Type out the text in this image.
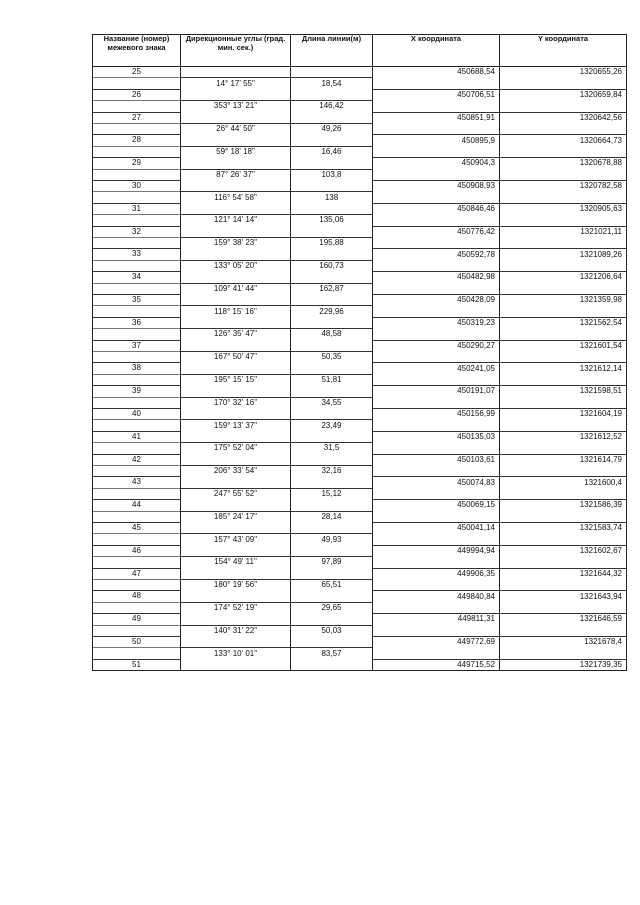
Название (номер) межевого знака	Дирекционные углы (град. мин. сек.)	Длина линии(м)	X координата	Y координата
25			450688,54	1320655,26
	14° 17' 55"	18,54		
26			450706,51	1320659,84
	353° 13' 21"	146,42		
27			450851,91	1320642,56
	26° 44' 50"	49,26		
28			450895,9	1320664,73
	59° 18' 18"	16,46		
29			450904,3	1320678,88
	87° 26' 37"	103,8		
30			450908,93	1320782,58
	116° 54' 58"	138		
31			450846,46	1320905,63
	121° 14' 14"	135,06		
32			450776,42	1321021,11
	159° 38' 23"	195,88		
33			450592,78	1321089,26
	133° 05' 20"	160,73		
34			450482,98	1321206,64
	109° 41' 44"	162,87		
35			450428,09	1321359,98
	118° 15' 16"	229,96		
36			450319,23	1321562,54
	126° 35' 47"	48,58		
37			450290,27	1321601,54
	167° 50' 47"	50,35		
38			450241,05	1321612,14
	195° 15' 15"	51,81		
39			450191,07	1321598,51
	170° 32' 16"	34,55		
40			450156,99	1321604,19
	159° 13' 37"	23,49		
41			450135,03	1321612,52
	175° 52' 04"	31,5		
42			450103,61	1321614,79
	206° 33' 54"	32,16		
43			450074,83	1321600,4
	247° 55' 52"	15,12		
44			450069,15	1321586,39
	185° 24' 17"	28,14		
45			450041,14	1321583,74
	157° 43' 09"	49,93		
46			449994,94	1321602,67
	154° 49' 11"	97,89		
47			449906,35	1321644,32
	180° 19' 56"	65,51		
48			449840,84	1321643,94
	174° 52' 19"	29,65		
49			449811,31	1321646,59
	140° 31' 22"	50,03		
50			449772,69	1321678,4
	133° 10' 01"	83,57		
51			449715,52	1321739,35
